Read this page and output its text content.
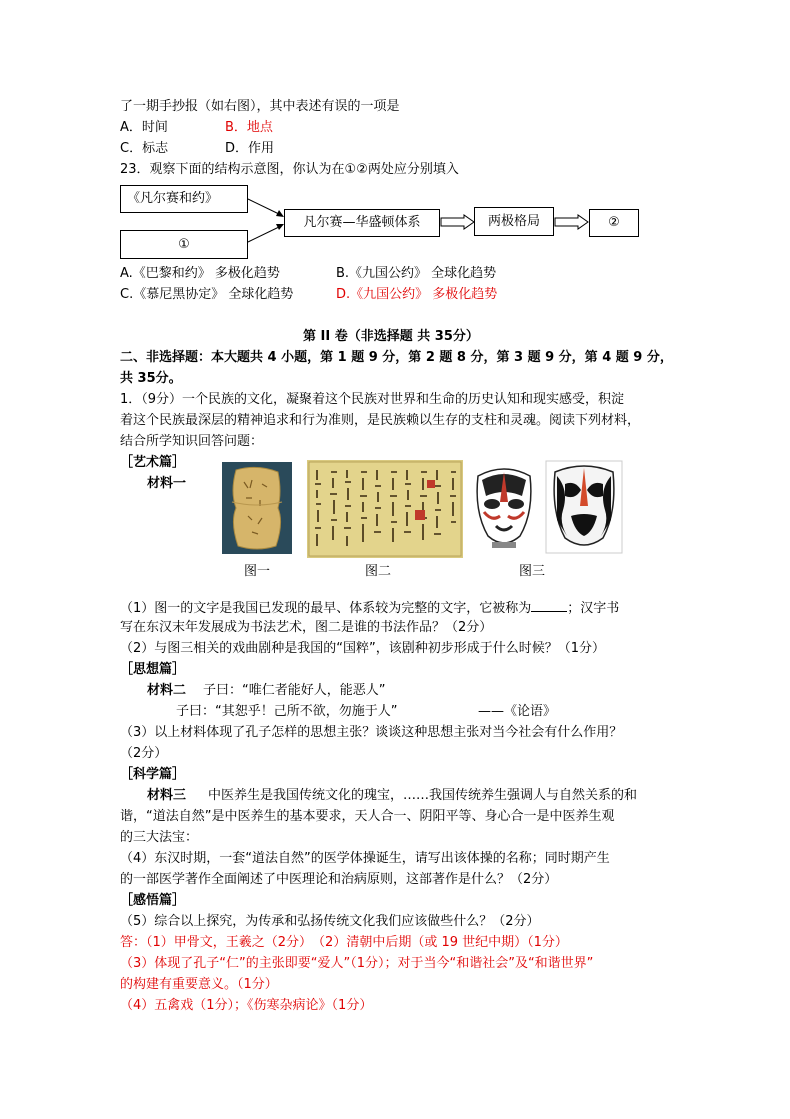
了一期手抄报（如右图），其中表述有误的一项是
A．时间	B．地点
C．标志	D．作用
23．观察下面的结构示意图，你认为在①②两处应分别填入
《凡尔赛和约》
①
凡尔赛—华盛顿体系	两极格局	②
A.《巴黎和约》 多极化趋势	B.《九国公约》 全球化趋势
C.《慕尼黑协定》 全球化趋势	D.《九国公约》 多极化趋势
第 II 卷（非选择题 共 35分）
二、非选择题：本大题共 4 小题，第 1 题 9 分，第 2 题 8 分，第 3 题 9 分，第 4 题 9 分，
共 35分。
1．（9分）一个民族的文化，凝聚着这个民族对世界和生命的历史认知和现实感受，积淀
着这个民族最深层的精神追求和行为准则，是民族赖以生存的支柱和灵魂。阅读下列材料，
结合所学知识回答问题：
［艺术篇］
材料一
图一	图二	图三
（1）图一的文字是我国已发现的最早、体系较为完整的文字，它被称为	；汉字书
写在东汉末年发展成为书法艺术，图二是谁的书法作品？（2分）
（2）与图三相关的戏曲剧种是我国的“国粹”，该剧种初步形成于什么时候？（1分）
［思想篇］
材料二 子曰：“唯仁者能好人，能恶人”
子曰：“其恕乎！己所不欲，勿施于人”	——《论语》
（3）以上材料体现了孔子怎样的思想主张？谈谈这种思想主张对当今社会有什么作用？
（2分）
［科学篇］
材料三 中医养生是我国传统文化的瑰宝，……我国传统养生强调人与自然关系的和
谐，“道法自然”是中医养生的基本要求，天人合一、阴阳平等、身心合一是中医养生观
的三大法宝：
（4）东汉时期，一套“道法自然”的医学体操诞生，请写出该体操的名称；同时期产生
的一部医学著作全面阐述了中医理论和治病原则，这部著作是什么？（2分）
［感悟篇］
（5）综合以上探究，为传承和弘扬传统文化我们应该做些什么？（2分）
答：（1）甲骨文，王羲之（2分）　（2）清朝中后期（或 19 世纪中期）（1分）
（3）体现了孔子“仁”的主张即要“爱人”（1分）；对于当今“和谐社会”及“和谐世界”
的构建有重要意义。（1分）
（4）五禽戏（1分）；《伤寒杂病论》（1分）
